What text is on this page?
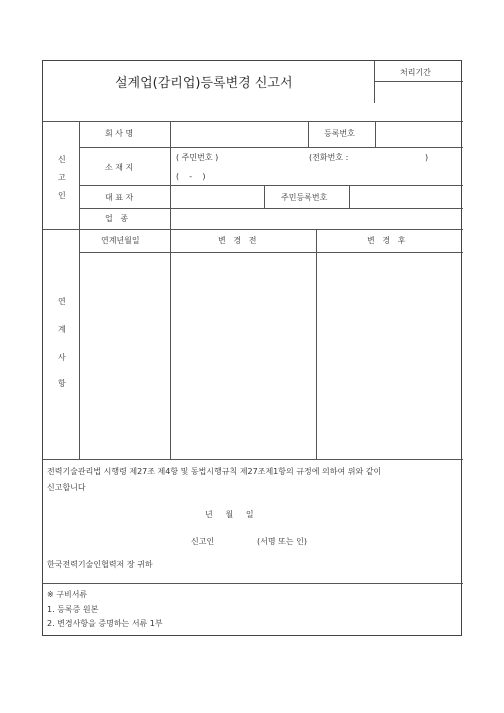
설계업(감리업)등록변경 신고서
처리기간
신
고
인
회 사 명	등록번호
소 재 지
( 주민번호 )	(전화번호 :	)
(    -    )
대 표 자	주민등록번호
업   종
연계년월일	변   경   전	변   경   후
연
계
사
항
전력기술관리법 시행령 제27조 제4항 및 동법시행규칙 제27조제1항의 규정에 의하여 위와 같이
신고합니다
년     월     일
신고인	(서명 또는 인)
한국전력기술인협력저 장 귀하
※ 구비서류
1. 등록증 원본
2. 변경사항을 증명하는 서류 1부
